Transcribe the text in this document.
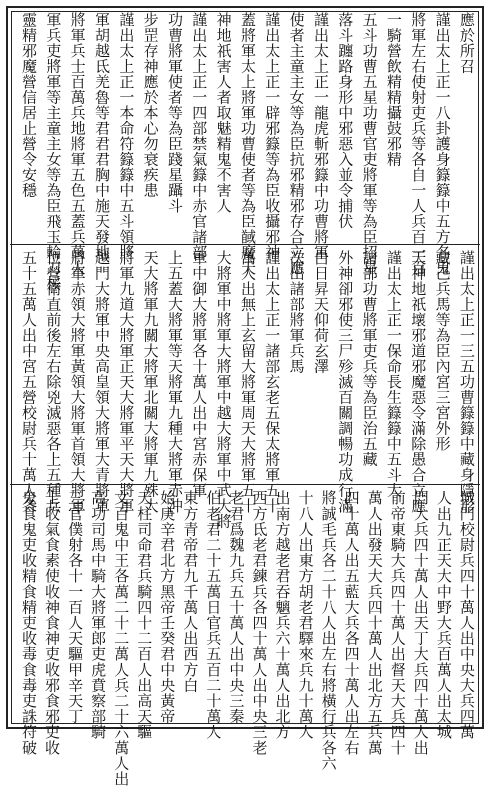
應於所召
謹出太上正一八卦護身籙籙中五方名鬼
將軍左右使射吏兵等各自一人兵百一百
一騎營飲精精攝鼓邪精
五斗功曹五星功曹官吏將軍等為臣招星
落斗躔路身形中邪惡入並令捕伏
謹出太上正一龍虎斬邪籙中功曹將軍
使者主童主女等為臣抗邪精邪存合立應
謹出太上正一辟邪籙等為臣收攝邪神
蓋將軍太上將軍功曹使者等為臣馘魔天
神地祇害人者取魅精鬼不害人
謹出太上正一四部禁氣籙中赤官諸部
功曹將軍使者等為臣踐星躡斗
步罡存神應於本心勿衰疾患
謹出太上正一本命符籙籙中五斗領將
軍胡越氐羌魯等君君君胸中施天發地
將軍兵士百萬兵地將軍五色五蓋兵萬人
軍兵吏將軍等主童主女等為臣飛玉輪刀桵
靈精邪魔營信居止營令安穩
謹出太上正一三五功曹籙籙中藏身隱形
藏己兵馬等為臣內宮三宮外形
天神地祇壞邪道邪魔惡令滿除愚合立應
謹出太上正一保命長生籙籙中五斗大
諸部功曹將軍吏兵等為臣治五藏
外神卻邪使三尸殄滅百關調暢功成行滿
白日昇天仰荷玄澤
次出諸部將軍兵馬
謹出太上正一諸部玄老五保太將軍五十
萬人出無上玄留大將軍周天大將軍五十
大將軍中將軍大將軍中越大將軍中武大將
軍中御大將軍各十萬人出中宮赤保軍
上五蓋大將軍等天將軍九種大將軍赤沖
天大將軍九關大將軍北關大將軍九殊大
將軍九道大將軍正天大將軍平天大將軍
越門大將軍中央高皇領大將軍大青將軍
將軍赤領大將軍黃領大將軍首領大將軍
位營衛直前後左右除兇滅惡各上五種兵
五十五萬人出中宮五營校尉兵十萬人各
城門校尉兵四十萬人出中央大兵四萬
人出九正天大中野大兵百萬人出太城
門大兵四十萬人出天丁大兵四十萬人出
前帝東騎大兵四十萬人出督天大兵四十
萬人出發天大兵四十萬人出北方五兵萬
四十萬人出五藍大兵各四十萬人出左右
將誠毛兵各二十八人出左右將橫行兵各六
十八人出東方胡老君驛來兵九十萬人
出南方越老君吞魑兵六十萬人出北方
西方氐老君鍊兵各四十萬人出中央三老
老君爲魏九兵五十萬人出中央三秦
伯老君二十五萬日官兵五百二十萬人
東方青帝君九千萬人出西方白
始庚辛君北方黑帝壬癸君中央黃帝
天柱司命君兵騎四十二百人出高天驅
文百鬼中王各萬二十二萬人兵二十六萬人出
高功司馬中騎大將軍郎吏虎賁察部騎
三官僕射各十一百人天驅甲辛天丁
士收氣食素使收神食神吏收邪食邪吏收
鬼食鬼吏收精食精吏收毒食毒吏誅符破
